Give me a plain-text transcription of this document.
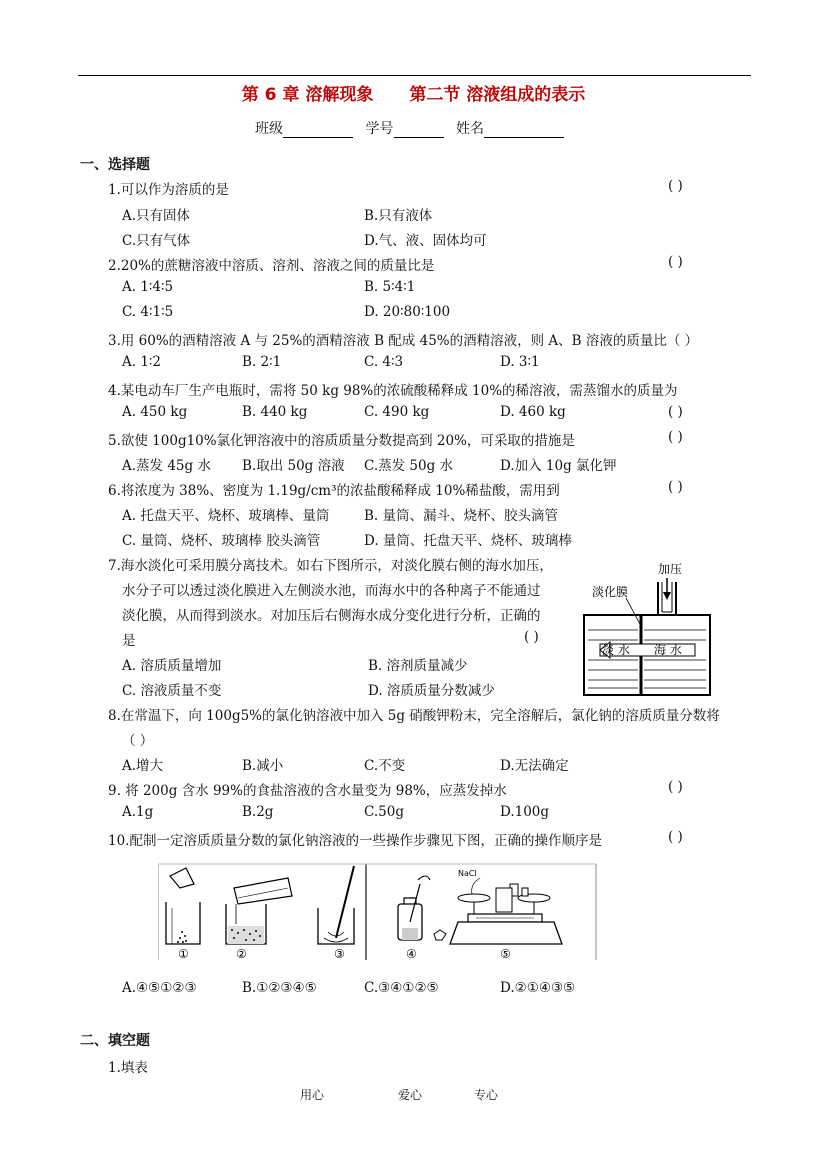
第 6 章 溶解现象 第二节 溶液组成的表示
班级	学号	姓名
一、选择题
1.可以作为溶质的是	( )
A.只有固体	B.只有液体
C.只有气体	D.气、液、固体均可
2.20%的蔗糖溶液中溶质、溶剂、溶液之间的质量比是	( )
A. 1∶4∶5	B. 5∶4∶1
C. 4∶1∶5	D. 20∶80∶100
3.用 60%的酒精溶液 A 与 25%的酒精溶液 B 配成 45%的酒精溶液，则 A、B 溶液的质量比（ ）
A. 1∶2	B. 2∶1	C. 4∶3	D. 3∶1
4.某电动车厂生产电瓶时，需将 50 kg 98%的浓硫酸稀释成 10%的稀溶液，需蒸馏水的质量为
( )
A. 450 kg	B. 440 kg	C. 490 kg	D. 460 kg
5.欲使 100g10%氯化钾溶液中的溶质质量分数提高到 20%，可采取的措施是	( )
A.蒸发 45g 水 B.取出 50g 溶液 C.蒸发 50g 水	D.加入 10g 氯化钾
6.将浓度为 38%、密度为 1.19g/cm³的浓盐酸稀释成 10%稀盐酸，需用到	( )
A. 托盘天平、烧杯、玻璃棒、量筒	B. 量筒、漏斗、烧杯、胶头滴管
C. 量筒、烧杯、玻璃棒 胶头滴管	D. 量筒、托盘天平、烧杯、玻璃棒
7.海水淡化可采用膜分离技术。如右下图所示，对淡化膜右侧的海水加压，
水分子可以透过淡化膜进入左侧淡水池，而海水中的各种离子不能通过
淡化膜，从而得到淡水。对加压后右侧海水成分变化进行分析，正确的
是	( )
A. 溶质质量增加	B. 溶剂质量减少
C. 溶液质量不变	D. 溶质质量分数减少
加压
淡化膜
淡 水 海 水
8.在常温下，向 100g5%的氯化钠溶液中加入 5g 硝酸钾粉末，完全溶解后，氯化钠的溶质质量分数将
（ ）
A.增大	B.减小	C.不变	D.无法确定
9. 将 200g 含水 99%的食盐溶液的含水量变为 98%，应蒸发掉水	( )
A.1g	B.2g	C.50g	D.100g
10.配制一定溶质质量分数的氯化钠溶液的一些操作步骤见下图，正确的操作顺序是	( )
①	②	③	④
NaCl
⑤
A.④⑤①②③	B.①②③④⑤	C.③④①②⑤	D.②①④③⑤
二、填空题
1.填表
用心	爱心	专心
